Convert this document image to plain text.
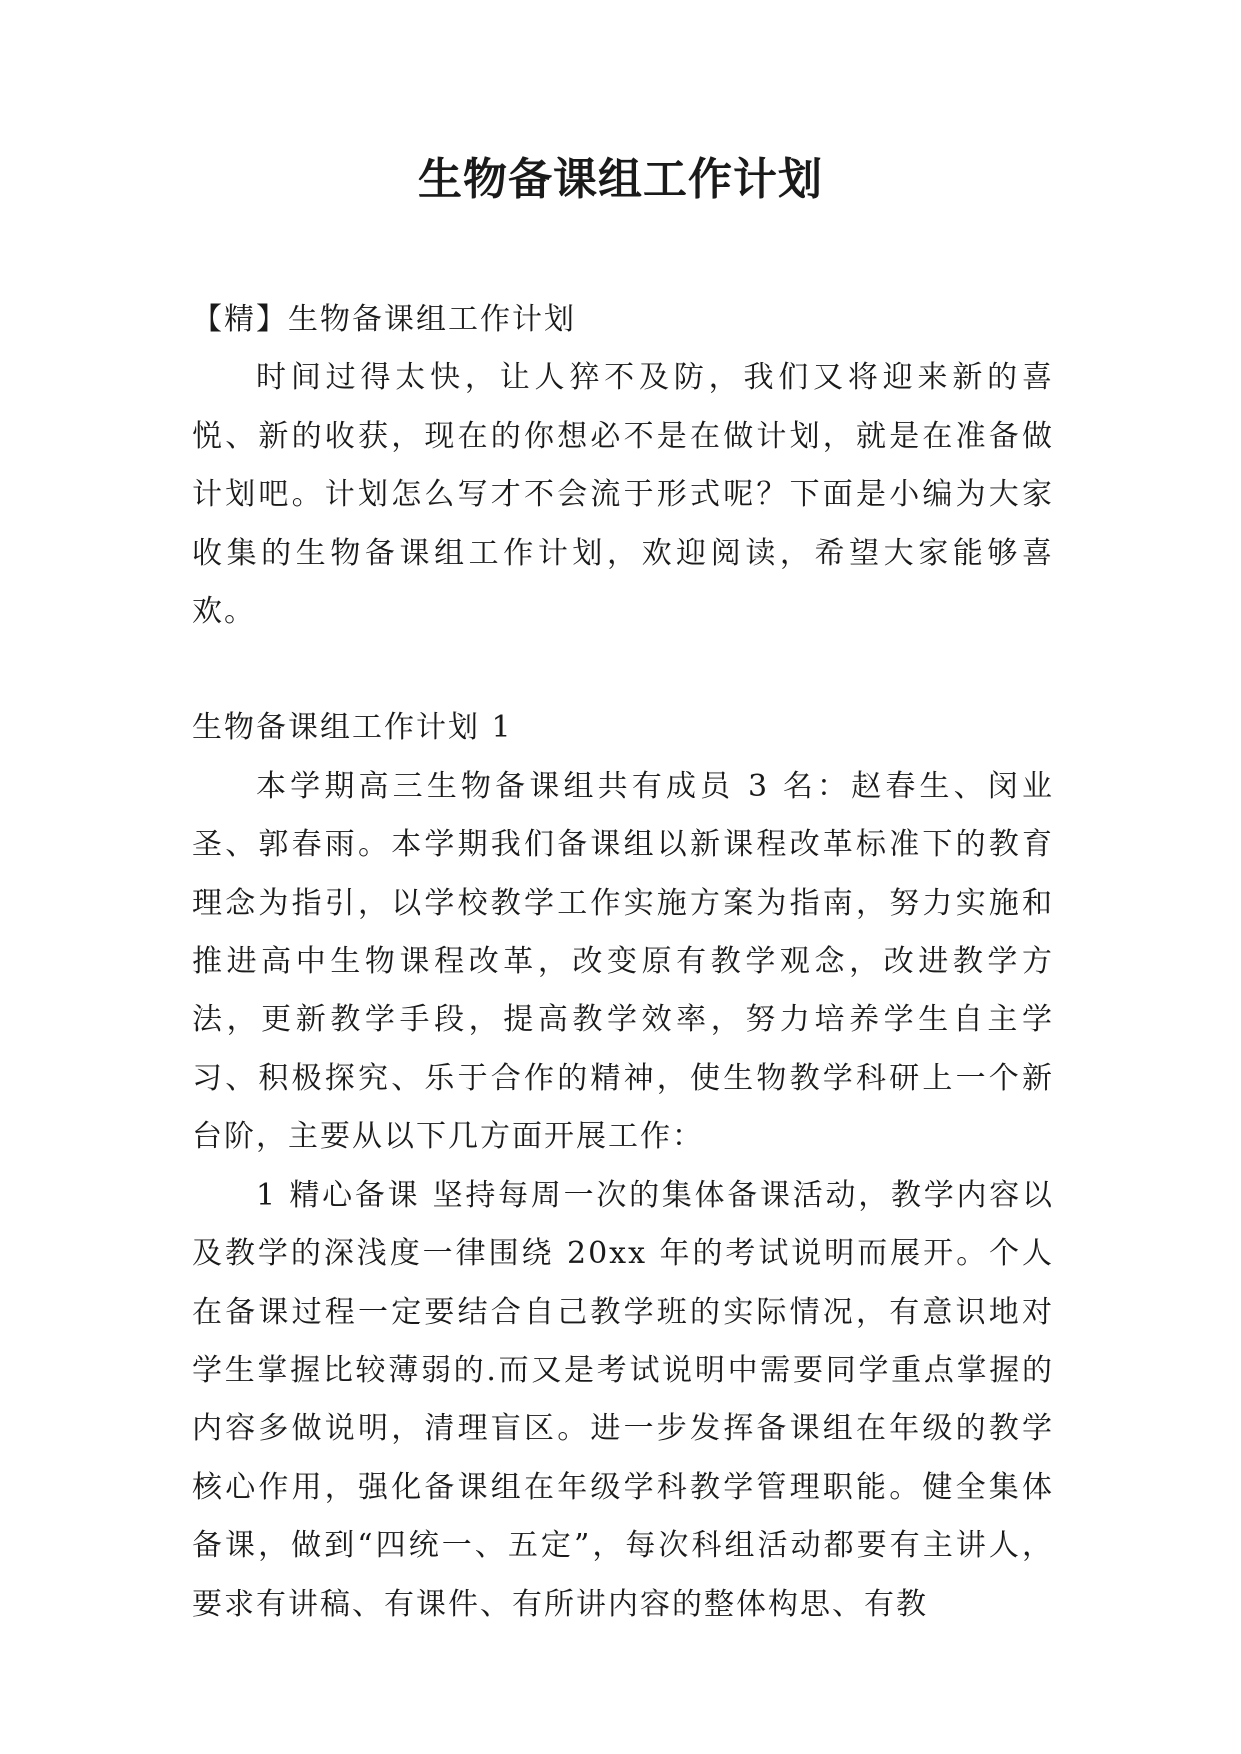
生物备课组工作计划

【精】生物备课组工作计划

时间过得太快，让人猝不及防，我们又将迎来新的喜悦、新的收获，现在的你想必不是在做计划，就是在准备做计划吧。计划怎么写才不会流于形式呢？下面是小编为大家收集的生物备课组工作计划，欢迎阅读，希望大家能够喜欢。

生物备课组工作计划 1

本学期高三生物备课组共有成员 3 名：赵春生、闵业圣、郭春雨。本学期我们备课组以新课程改革标准下的教育理念为指引，以学校教学工作实施方案为指南，努力实施和推进高中生物课程改革，改变原有教学观念，改进教学方法，更新教学手段，提高教学效率，努力培养学生自主学习、积极探究、乐于合作的精神，使生物教学科研上一个新台阶，主要从以下几方面开展工作：

1 精心备课 坚持每周一次的集体备课活动，教学内容以及教学的深浅度一律围绕 20xx 年的考试说明而展开。个人在备课过程一定要结合自己教学班的实际情况，有意识地对学生掌握比较薄弱的.而又是考试说明中需要同学重点掌握的内容多做说明，清理盲区。进一步发挥备课组在年级的教学核心作用，强化备课组在年级学科教学管理职能。健全集体备课，做到“四统一、五定”，每次科组活动都要有主讲人，要求有讲稿、有课件、有所讲内容的整体构思、有教
